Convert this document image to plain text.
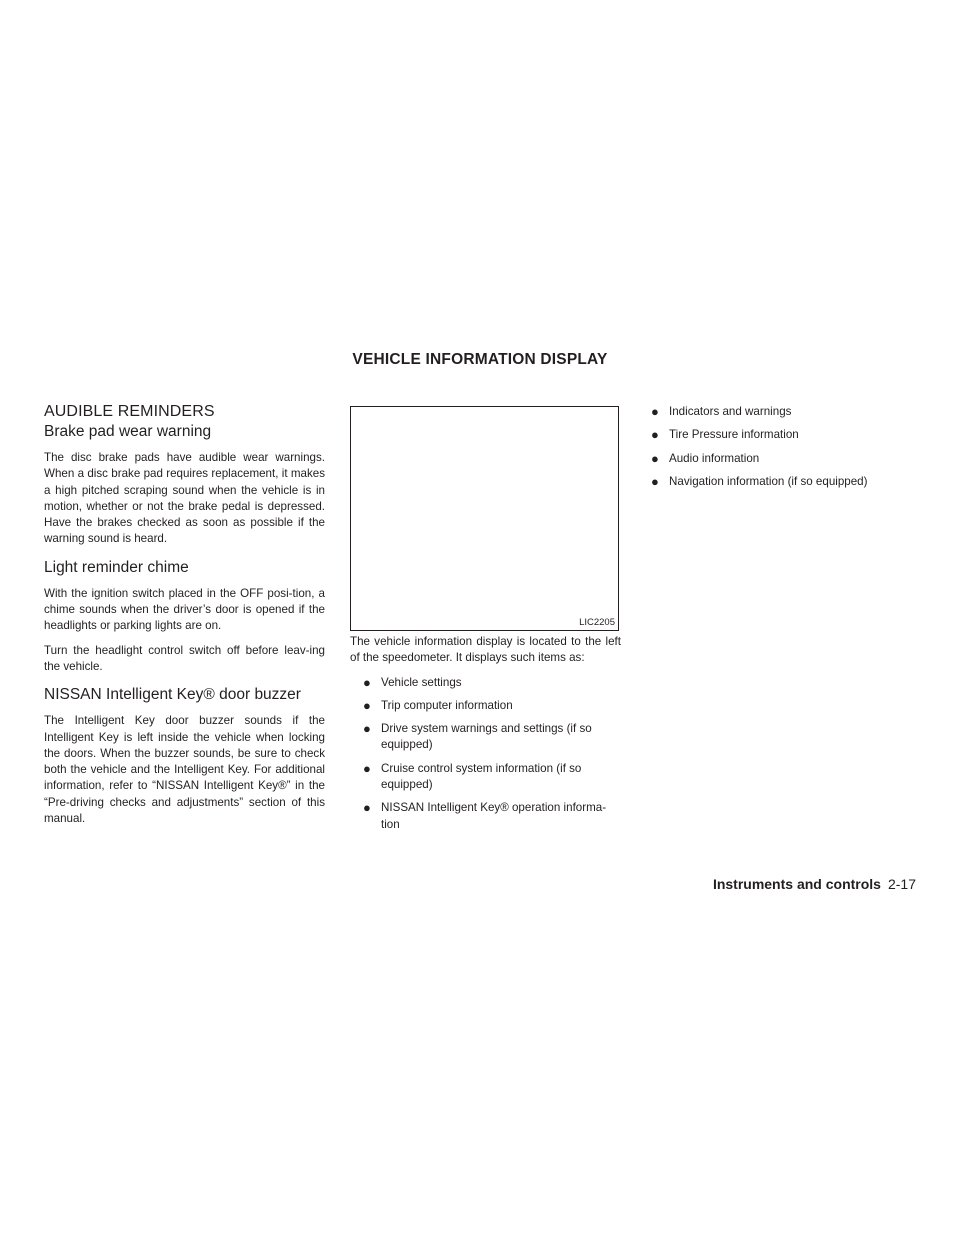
VEHICLE INFORMATION DISPLAY
AUDIBLE REMINDERS
Brake pad wear warning

The disc brake pads have audible wear warnings. When a disc brake pad requires replacement, it makes a high pitched scraping sound when the vehicle is in motion, whether or not the brake pedal is depressed. Have the brakes checked as soon as possible if the warning sound is heard.

Light reminder chime

With the ignition switch placed in the OFF posi-tion, a chime sounds when the driver’s door is opened if the headlights or parking lights are on.

Turn the headlight control switch off before leav-ing the vehicle.

NISSAN Intelligent Key® door buzzer

The Intelligent Key door buzzer sounds if the Intelligent Key is left inside the vehicle when locking the doors. When the buzzer sounds, be sure to check both the vehicle and the Intelligent Key. For additional information, refer to “NISSAN Intelligent Key®” in the “Pre-driving checks and adjustments” section of this manual.

LIC2205

The vehicle information display is located to the left of the speedometer. It displays such items as:

● Vehicle settings
● Trip computer information
● Drive system warnings and settings (if so equipped)
● Cruise control system information (if so equipped)
● NISSAN Intelligent Key® operation informa-tion
● Indicators and warnings
● Tire Pressure information
● Audio information
● Navigation information (if so equipped)
Instruments and controls 2-17
